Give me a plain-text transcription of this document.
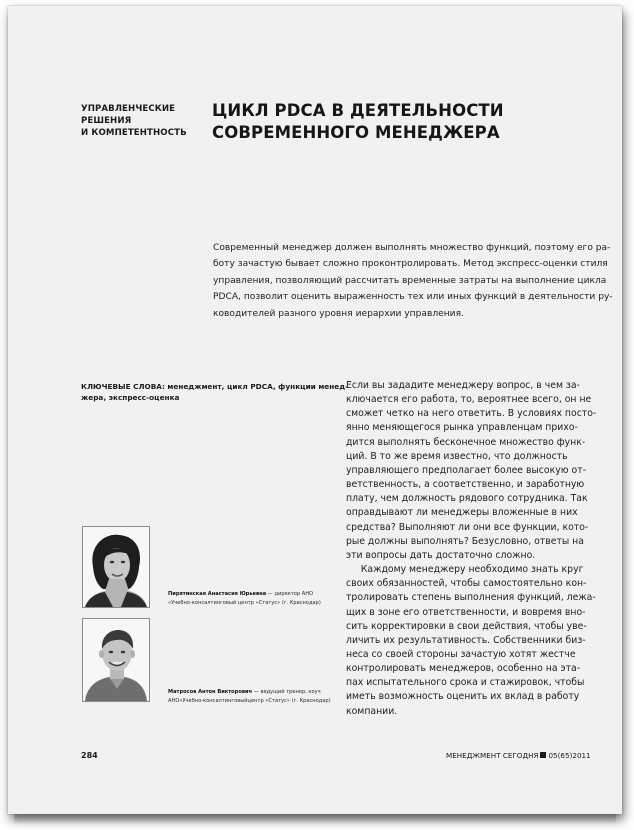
УПРАВЛЕНЧЕСКИЕ
РЕШЕНИЯ
И КОМПЕТЕНТНОСТЬ
ЦИКЛ PDCA В ДЕЯТЕЛЬНОСТИ
СОВРЕМЕННОГО МЕНЕДЖЕРА
Современный менеджер должен выполнять множество функций, поэтому его ра-
боту зачастую бывает сложно проконтролировать. Метод экспресс-оценки стиля
управления, позволяющий рассчитать временные затраты на выполнение цикла
PDCA, позволит оценить выраженность тех или иных функций в деятельности ру-
ководителей разного уровня иерархии управления.
КЛЮЧЕВЫЕ СЛОВА: менеджмент, цикл PDCA, функции менед-
жера, экспресс-оценка
Пирятинская Анастасия Юрьевна — директор АНО
«Учебно-консалтинговый центр «Статус» (г. Краснодар)
Матросов Антон Викторович — ведущий тренер, коуч
АНО«Учебно-консалтинговыйцентр «Статус» (г. Краснодар)
Если вы зададите менеджеру вопрос, в чем за-
ключается его работа, то, вероятнее всего, он не
сможет четко на него ответить. В условиях посто-
янно меняющегося рынка управленцам прихо-
дится выполнять бесконечное множество функ-
ций. В то же время известно, что должность
управляющего предполагает более высокую от-
ветственность, а соответственно, и заработную
плату, чем должность рядового сотрудника. Так
оправдывают ли менеджеры вложенные в них
средства? Выполняют ли они все функции, кото-
рые должны выполнять? Безусловно, ответы на
эти вопросы дать достаточно сложно.
Каждому менеджеру необходимо знать круг
своих обязанностей, чтобы самостоятельно кон-
тролировать степень выполнения функций, лежа-
щих в зоне его ответственности, и вовремя вно-
сить корректировки в свои действия, чтобы уве-
личить их результативность. Собственники биз-
неса со своей стороны зачастую хотят жестче
контролировать менеджеров, особенно на эта-
пах испытательного срока и стажировок, чтобы
иметь возможность оценить их вклад в работу
компании.
284	МЕНЕДЖМЕНТ СЕГОДНЯ 05(65)2011
